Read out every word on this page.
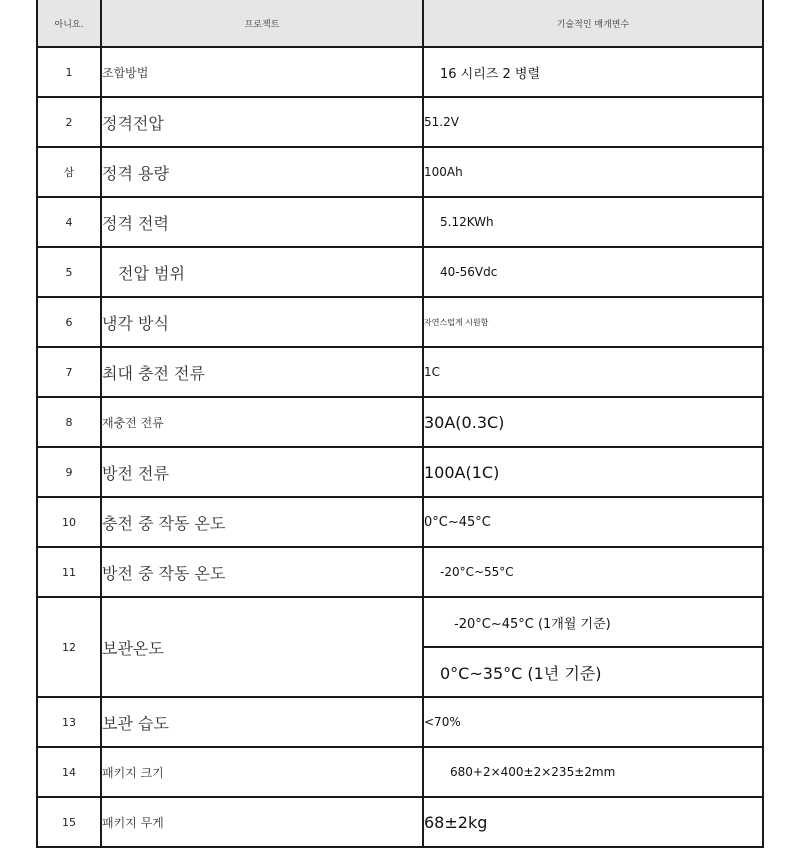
아니요.	프로젝트	기술적인 매개변수
1	조합방법	16 시리즈 2 병렬
2	정격전압	51.2V
삼	정격 용량	100Ah
4	정격 전력	5.12KWh
5	전압 범위	40-56Vdc
6	냉각 방식	자연스럽게 시원함
7	최대 충전 전류	1C
8	재충전 전류	30A(0.3C)
9	방전 전류	100A(1C)
10	충전 중 작동 온도	0°C~45°C
11	방전 중 작동 온도	-20°C~55°C
12	보관온도	-20°C~45°C (1개월 기준)
		0°C~35°C (1년 기준)
13	보관 습도	<70%
14	패키지 크기	680+2×400±2×235±2mm
15	패키지 무게	68±2kg
